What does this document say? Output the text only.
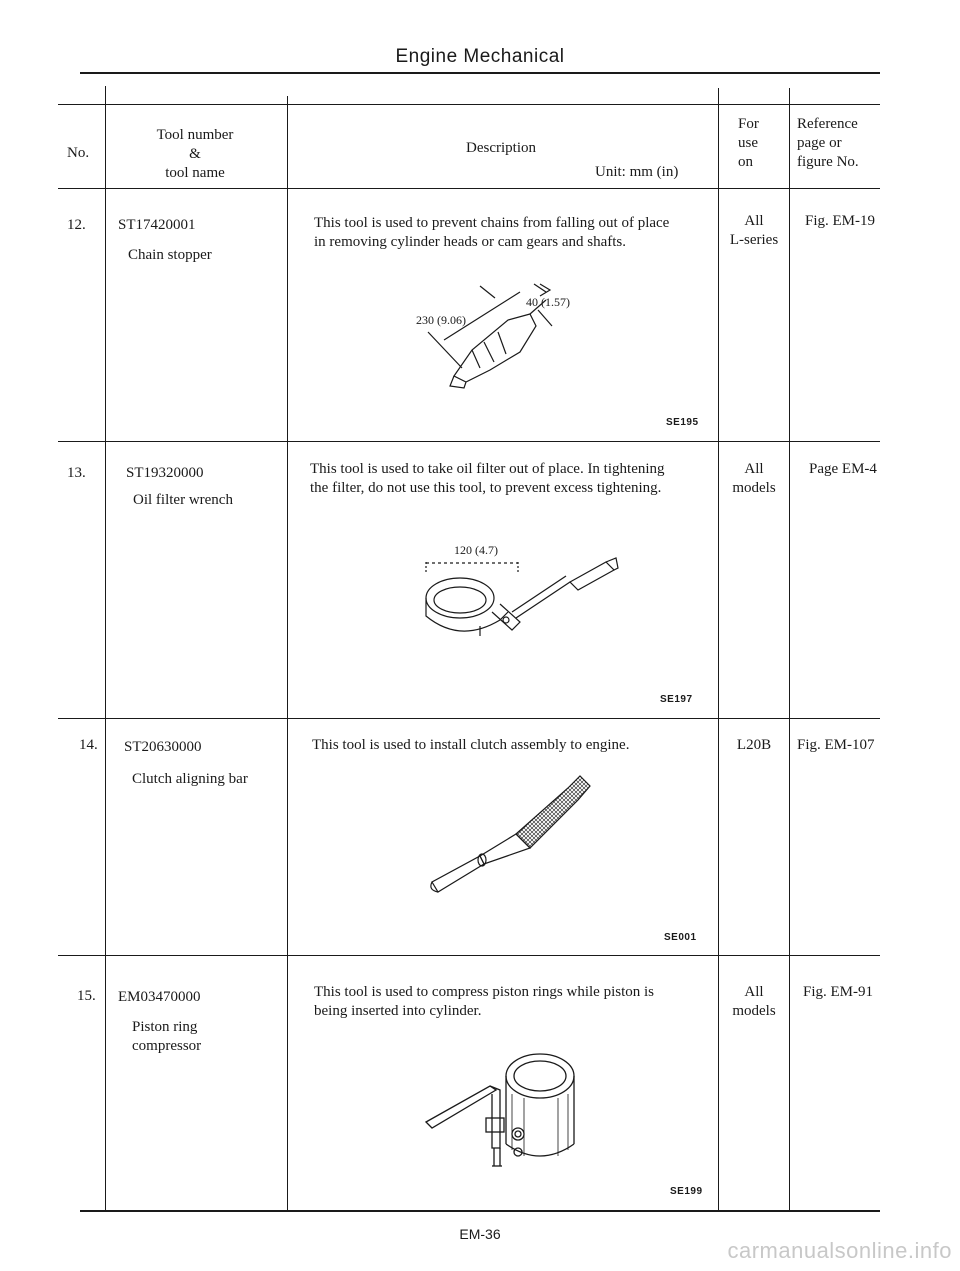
Engine Mechanical
No.
Tool number
&
tool name
Description
Unit: mm (in)
For
use
on
Reference
page or
figure No.
12. ST17420001
Chain stopper
This tool is used to prevent chains from falling out of place
in removing cylinder heads or cam gears and shafts.
230 (9.06)
40 (1.57)
SE195
All
L-series
Fig. EM-19
13.	ST19320000
Oil filter wrench
This tool is used to take oil filter out of place. In tightening
the filter, do not use this tool, to prevent excess tightening.
120 (4.7)
SE197
All
models
Page EM-4
14. ST20630000
Clutch aligning bar
This tool is used to install clutch assembly to engine.
SE001
L20B	Fig. EM-107
15. EM03470000
Piston ring
compressor
This tool is used to compress piston rings while piston is
being inserted into cylinder.
SE199
All
models
Fig. EM-91
EM-36
carmanualsonline.info
